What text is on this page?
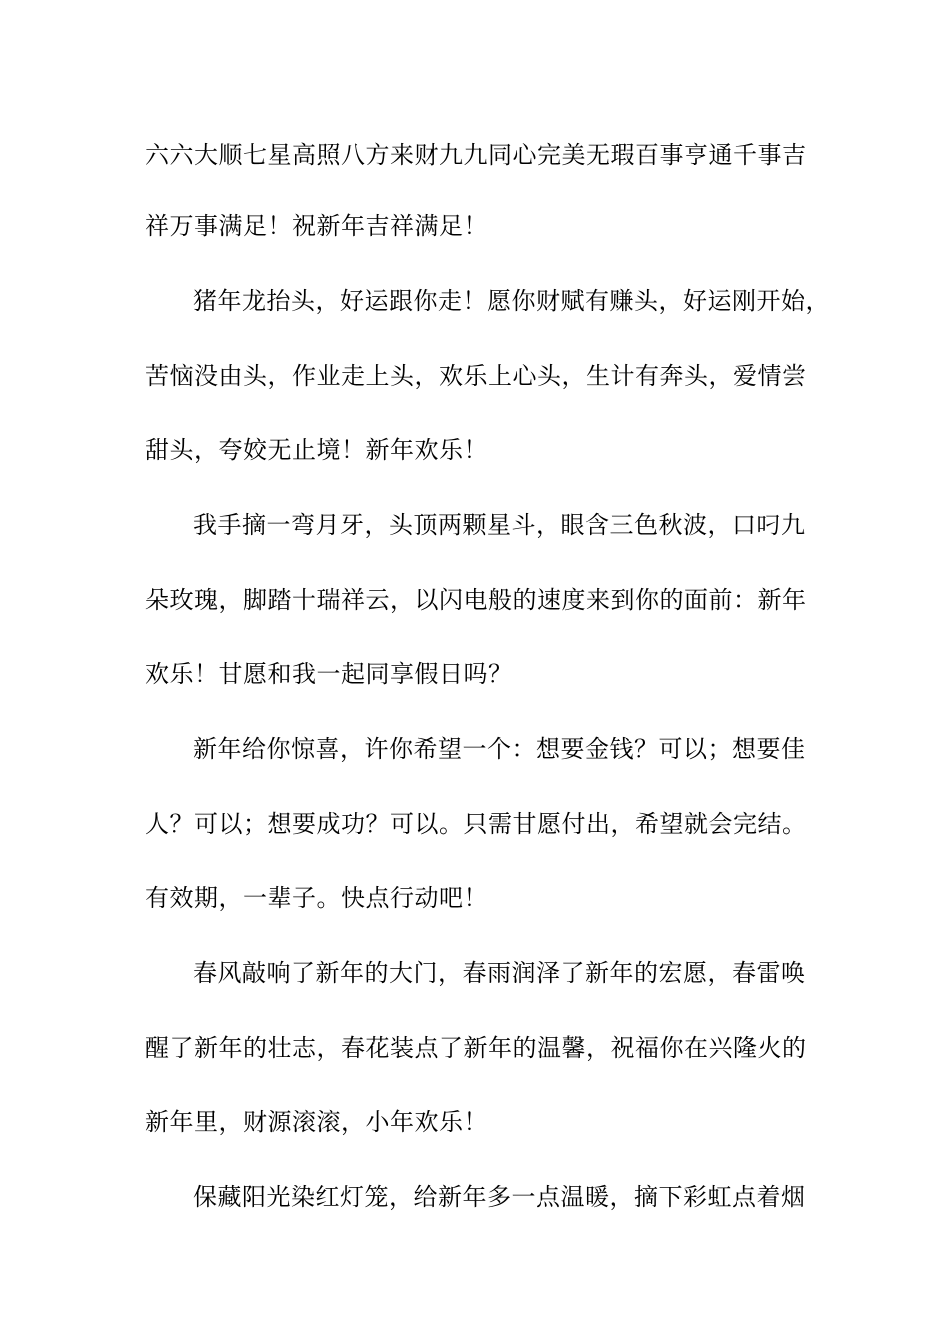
六六大顺七星高照八方来财九九同心完美无瑕百事亨通千事吉
祥万事满足！祝新年吉祥满足！
猪年龙抬头，好运跟你走！愿你财赋有赚头，好运刚开始，
苦恼没由头，作业走上头，欢乐上心头，生计有奔头，爱情尝
甜头，夸姣无止境！新年欢乐！
我手摘一弯月牙，头顶两颗星斗，眼含三色秋波，口叼九
朵玫瑰，脚踏十瑞祥云，以闪电般的速度来到你的面前：新年
欢乐！甘愿和我一起同享假日吗？
新年给你惊喜，许你希望一个：想要金钱？可以；想要佳
人？可以；想要成功？可以。只需甘愿付出，希望就会完结。
有效期，一辈子。快点行动吧！
春风敲响了新年的大门，春雨润泽了新年的宏愿，春雷唤
醒了新年的壮志，春花装点了新年的温馨，祝福你在兴隆火的
新年里，财源滚滚，小年欢乐！
保藏阳光染红灯笼，给新年多一点温暖，摘下彩虹点着烟
